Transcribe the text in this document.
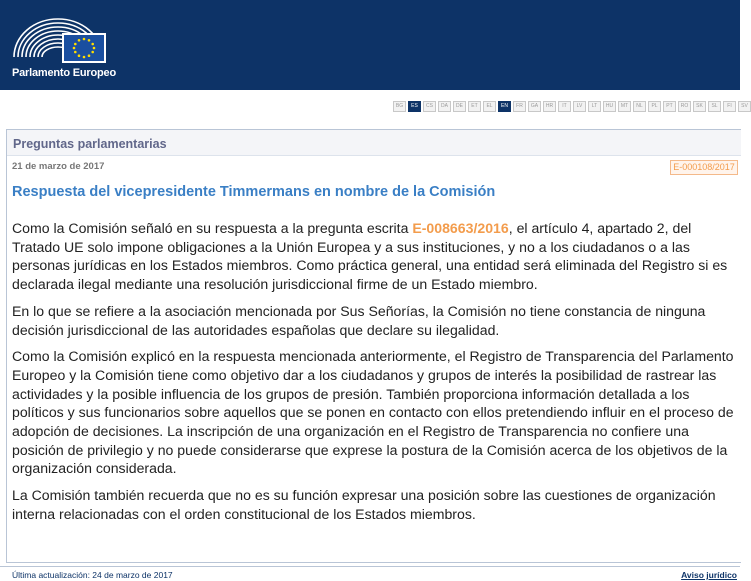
Parlamento Europeo
BG	ES	CS	DA	DE	ET	EL	EN	FR	GA	HR	IT	LV	LT	HU	MT	NL	PL	PT	RO	SK	SL	FI	SV
Preguntas parlamentarias
21 de marzo de 2017	E-000108/2017
Respuesta del vicepresidente Timmermans en nombre de la Comisión

Como la Comisión señaló en su respuesta a la pregunta escrita E-008663/2016, el artículo 4, apartado 2, del Tratado UE solo impone obligaciones a la Unión Europea y a sus instituciones, y no a los ciudadanos o a las personas jurídicas en los Estados miembros. Como práctica general, una entidad será eliminada del Registro si es declarada ilegal mediante una resolución jurisdiccional firme de un Estado miembro.

En lo que se refiere a la asociación mencionada por Sus Señorías, la Comisión no tiene constancia de ninguna decisión jurisdiccional de las autoridades españolas que declare su ilegalidad.

Como la Comisión explicó en la respuesta mencionada anteriormente, el Registro de Transparencia del Parlamento Europeo y la Comisión tiene como objetivo dar a los ciudadanos y grupos de interés la posibilidad de rastrear las actividades y la posible influencia de los grupos de presión. También proporciona información detallada a los políticos y sus funcionarios sobre aquellos que se ponen en contacto con ellos pretendiendo influir en el proceso de adopción de decisiones. La inscripción de una organización en el Registro de Transparencia no confiere una posición de privilegio y no puede considerarse que exprese la postura de la Comisión acerca de los objetivos de la organización considerada.

La Comisión también recuerda que no es su función expresar una posición sobre las cuestiones de organización interna relacionadas con el orden constitucional de los Estados miembros.

Última actualización: 24 de marzo de 2017	Aviso jurídico
